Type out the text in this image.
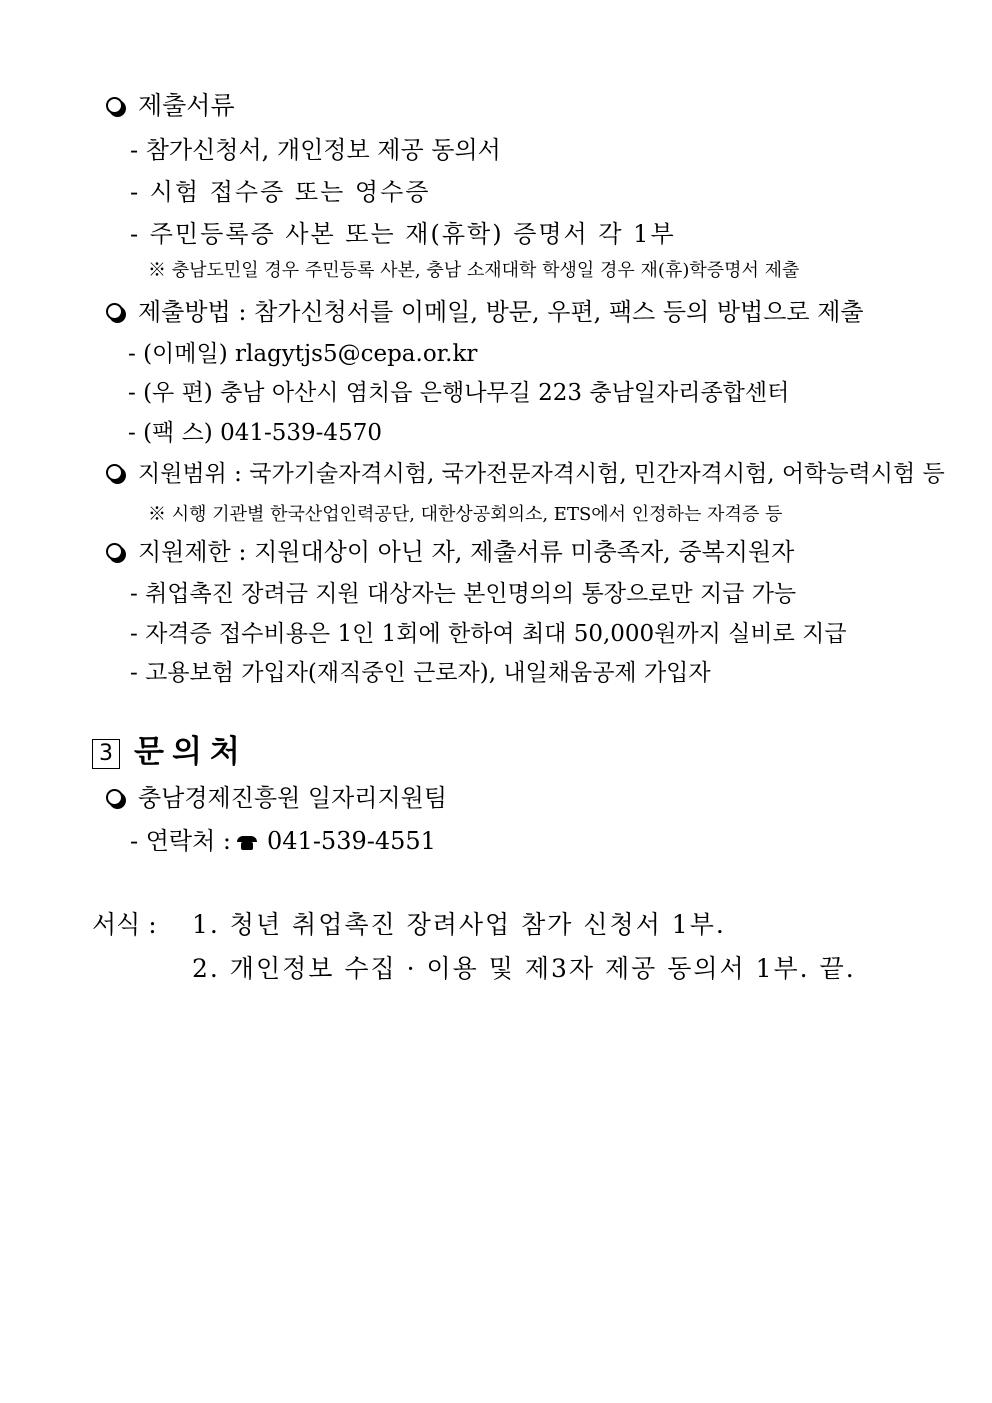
제출서류
- 참가신청서, 개인정보 제공 동의서
- 시험 접수증 또는 영수증
- 주민등록증 사본 또는 재(휴학) 증명서 각 1부
※ 충남도민일 경우 주민등록 사본, 충남 소재대학 학생일 경우 재(휴)학증명서 제출
제출방법 : 참가신청서를 이메일, 방문, 우편, 팩스 등의 방법으로 제출
- (이메일) rlagytjs5@cepa.or.kr
- (우 편) 충남 아산시 염치읍 은행나무길 223 충남일자리종합센터
- (팩 스) 041-539-4570
지원범위 : 국가기술자격시험, 국가전문자격시험, 민간자격시험, 어학능력시험 등
※ 시행 기관별 한국산업인력공단, 대한상공회의소, ETS에서 인정하는 자격증 등
지원제한 : 지원대상이 아닌 자, 제출서류 미충족자, 중복지원자
- 취업촉진 장려금 지원 대상자는 본인명의의 통장으로만 지급 가능
- 자격증 접수비용은 1인 1회에 한하여 최대 50,000원까지 실비로 지급
- 고용보험 가입자(재직중인 근로자), 내일채움공제 가입자
3 문의처
충남경제진흥원 일자리지원팀
- 연락처 : 041-539-4551
서식 : 1. 청년 취업촉진 장려사업 참가 신청서 1부.
2. 개인정보 수집 · 이용 및 제3자 제공 동의서 1부. 끝.
